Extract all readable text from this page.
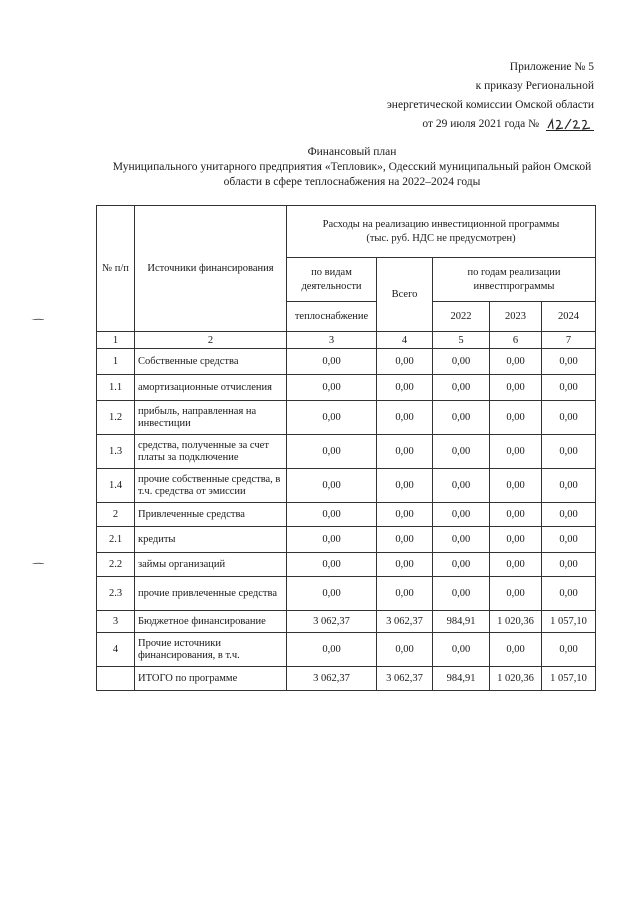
Приложение № 5
к приказу Региональной
энергетической комиссии Омской области
от 29 июля 2021 года №
Финансовый план
Муниципального унитарного предприятия «Тепловик», Одесский муниципальный район Омской
области в сфере теплоснабжения на 2022–2024 годы
№ п/п	Источники финансирования	Расходы на реализацию инвестиционной программы
(тыс. руб. НДС не предусмотрен)				

		по видам деятельности	Всего	по годам реализации инвестпрограммы		
		теплоснабжение		2022	2023	2024
1	2	3	4	5	6	7
1	Собственные средства	0,00	0,00	0,00	0,00	0,00
1.1	амортизационные отчисления	0,00	0,00	0,00	0,00	0,00
1.2	прибыль, направленная на инвестиции	0,00	0,00	0,00	0,00	0,00
1.3	средства, полученные за счет платы за подключение	0,00	0,00	0,00	0,00	0,00
1.4	прочие собственные средства, в т.ч. средства от эмиссии	0,00	0,00	0,00	0,00	0,00
2	Привлеченные средства	0,00	0,00	0,00	0,00	0,00
2.1	кредиты	0,00	0,00	0,00	0,00	0,00
2.2	займы организаций	0,00	0,00	0,00	0,00	0,00
2.3	прочие привлеченные средства	0,00	0,00	0,00	0,00	0,00
3	Бюджетное финансирование	3 062,37	3 062,37	984,91	1 020,36	1 057,10
4	Прочие источники финансирования, в т.ч.	0,00	0,00	0,00	0,00	0,00
	ИТОГО по программе	3 062,37	3 062,37	984,91	1 020,36	1 057,10
